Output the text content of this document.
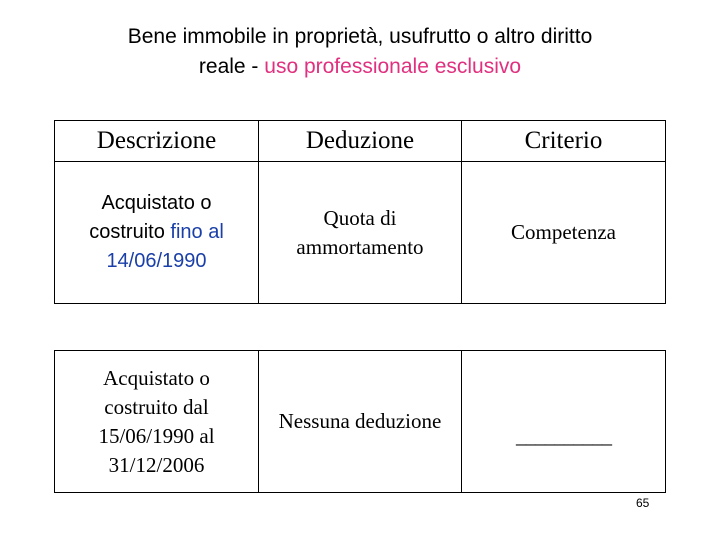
Bene immobile in proprietà, usufrutto o altro diritto
reale - uso professionale esclusivo
Descrizione	Deduzione	Criterio
Acquistato o costruito fino al
14/06/1990
Quota di ammortamento
Competenza
Acquistato o costruito dal 15/06/1990 al 31/12/2006
Nessuna deduzione
__________
65
